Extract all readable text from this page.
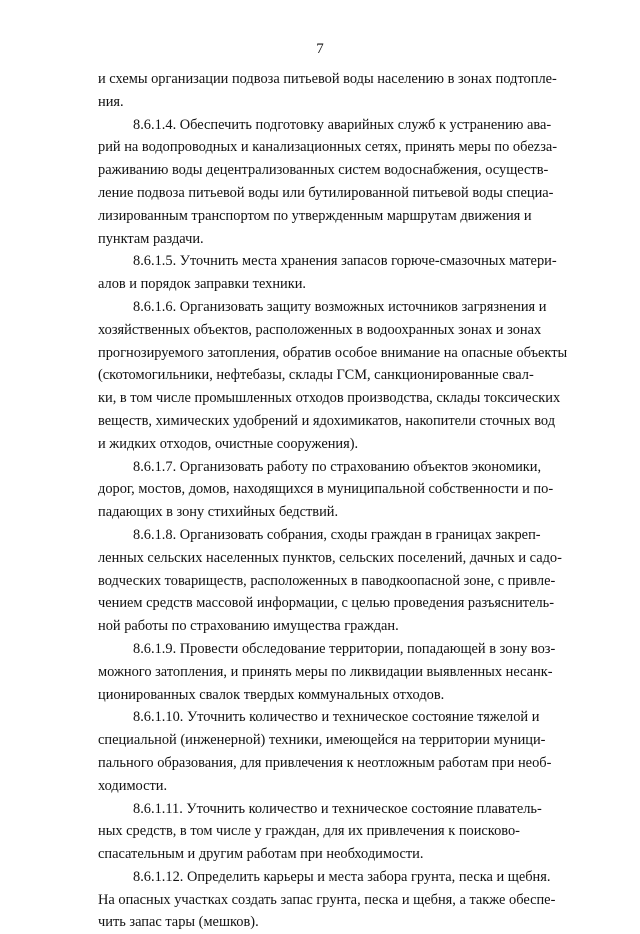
7

и схемы организации подвоза питьевой воды населению в зонах подтопле-
ния.

8.6.1.4. Обеспечить подготовку аварийных служб к устранению ава-
рий на водопроводных и канализационных сетях, принять меры по обezза-
раживанию воды децентрализованных систем водоснабжения, осуществ-
ление подвоза питьевой воды или бутилированной питьевой воды специа-
лизированным транспортом по утвержденным маршрутам движения и
пунктам раздачи.

8.6.1.5. Уточнить места хранения запасов горюче-смазочных матери-
алов и порядок заправки техники.

8.6.1.6. Организовать защиту возможных источников загрязнения и
хозяйственных объектов, расположенных в водоохранных зонах и зонах
прогнозируемого затопления, обратив особое внимание на опасные объекты
(скотомогильники, нефтебазы, склады ГСМ, санкционированные свал-
ки, в том числе промышленных отходов производства, склады токсических
веществ, химических удобрений и ядохимикатов, накопители сточных вод
и жидких отходов, очистные сооружения).

8.6.1.7. Организовать работу по страхованию объектов экономики,
дорог, мостов, домов, находящихся в муниципальной собственности и по-
падающих в зону стихийных бедствий.

8.6.1.8. Организовать собрания, сходы граждан в границах закреп-
ленных сельских населенных пунктов, сельских поселений, дачных и садо-
водческих товариществ, расположенных в паводкоопасной зоне, с привле-
чением средств массовой информации, с целью проведения разъяснитель-
ной работы по страхованию имущества граждан.

8.6.1.9. Провести обследование территории, попадающей в зону воз-
можного затопления, и принять меры по ликвидации выявленных несанк-
ционированных свалок твердых коммунальных отходов.

8.6.1.10. Уточнить количество и техническое состояние тяжелой и
специальной (инженерной) техники, имеющейся на территории муници-
пального образования, для привлечения к неотложным работам при необ-
ходимости.

8.6.1.11. Уточнить количество и техническое состояние плаватель-
ных средств, в том числе у граждан, для их привлечения к поисково-
спасательным и другим работам при необходимости.

8.6.1.12. Определить карьеры и места забора грунта, песка и щебня.
На опасных участках создать запас грунта, песка и щебня, а также обеспе-
чить запас тары (мешков).
